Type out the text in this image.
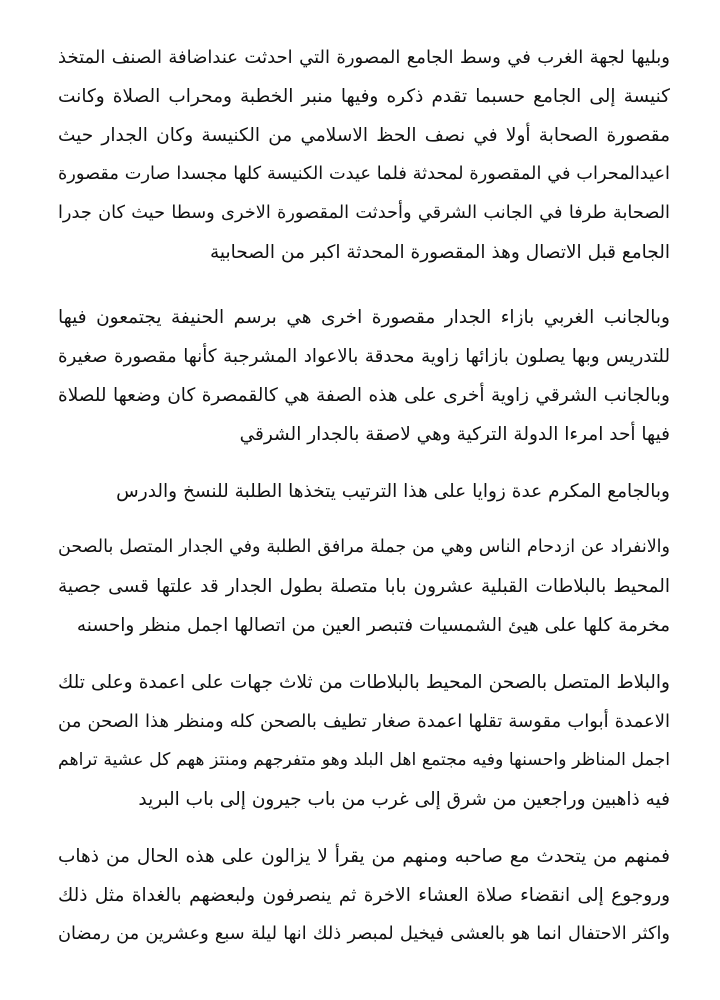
وبليها لجهة الغرب في وسط الجامع المصورة التي احدثت عنداضافة الصنف المتخذ
كنيسة إلى الجامع حسبما تقدم ذكره وفيها منبر الخطبة ومحراب الصلاة وكانت
مقصورة الصحابة أولا في نصف الحظ الاسلامي من الكنيسة وكان الجدار حيث
اعيدالمحراب في المقصورة لمحدثة فلما عيدت الكنيسة كلها مجسدا صارت مقصورة
الصحابة طرفا في الجانب الشرقي وأحدثت المقصورة الاخرى وسطا حيث كان جدرا
الجامع قبل الاتصال وهذ المقصورة المحدثة اكبر من الصحابية

وبالجانب الغربي بازاء الجدار مقصورة اخرى هي برسم الحنيفة يجتمعون فيها
للتدريس وبها يصلون بازائها زاوية محدقة بالاعواد المشرجبة كأنها مقصورة صغيرة
وبالجانب الشرقي زاوية أخرى على هذه الصفة هي كالقمصرة كان وضعها للصلاة
فيها أحد امرءا الدولة التركية وهي لاصقة بالجدار الشرقي

وبالجامع المكرم عدة زوايا على هذا الترتيب يتخذها الطلبة للنسخ والدرس

والانفراد عن ازدحام الناس وهي من جملة مرافق الطلبة وفي الجدار المتصل بالصحن
المحيط بالبلاطات القبلية عشرون بابا متصلة بطول الجدار قد علتها قسى جصية
مخرمة كلها على هيئ الشمسيات فتبصر العين من اتصالها اجمل منظر واحسنه

والبلاط المتصل بالصحن المحيط بالبلاطات من ثلاث جهات على اعمدة وعلى تلك
الاعمدة أبواب مقوسة تقلها اعمدة صغار تطيف بالصحن كله ومنظر هذا الصحن من
اجمل المناظر واحسنها وفيه مجتمع اهل البلد وهو متفرجهم ومنتز ههم كل عشية تراهم
فيه ذاهبين وراجعين من شرق إلى غرب من باب جيرون إلى باب البريد

فمنهم من يتحدث مع صاحبه ومنهم من يقرأ لا يزالون على هذه الحال من ذهاب
وروجوع إلى انقضاء صلاة العشاء الاخرة ثم ينصرفون ولبعضهم بالغداة مثل ذلك
واكثر الاحتفال انما هو بالعشى فيخيل لمبصر ذلك انها ليلة سبع وعشرين من رمضان
